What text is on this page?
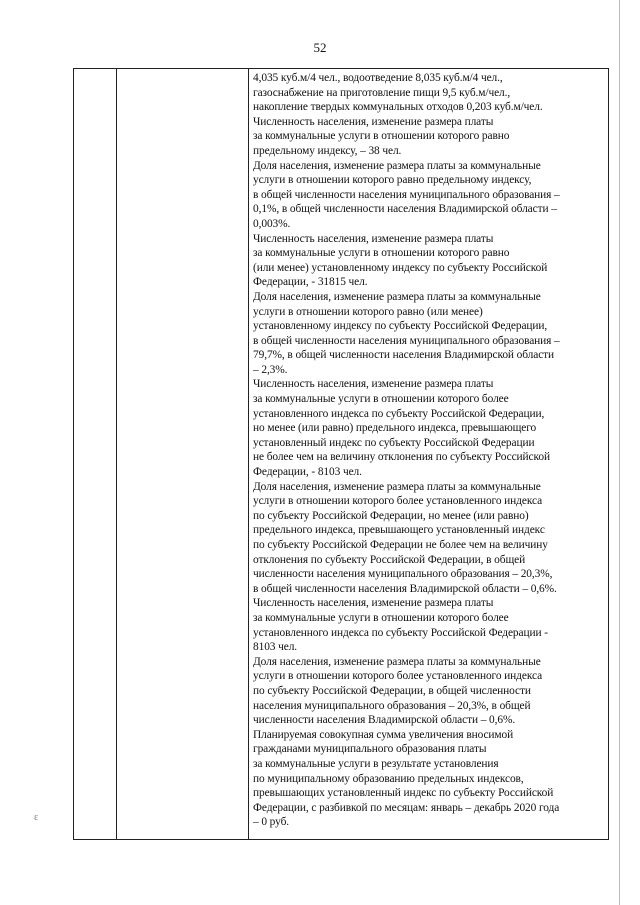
52
ε
4,035 куб.м/4 чел., водоотведение 8,035 куб.м/4 чел.,
газоснабжение на приготовление пищи 9,5 куб.м/чел.,
накопление твердых коммунальных отходов 0,203 куб.м/чел.
Численность населения, изменение размера платы
за коммунальные услуги в отношении которого равно
предельному индексу, – 38 чел.
Доля населения, изменение размера платы за коммунальные
услуги в отношении которого равно предельному индексу,
в общей численности населения муниципального образования –
0,1%, в общей численности населения Владимирской области –
0,003%.
Численность населения, изменение размера платы
за коммунальные услуги в отношении которого равно
(или менее) установленному индексу по субъекту Российской
Федерации, - 31815 чел.
Доля населения, изменение размера платы за коммунальные
услуги в отношении которого равно (или менее)
установленному индексу по субъекту Российской Федерации,
в общей численности населения муниципального образования –
79,7%, в общей численности населения Владимирской области
– 2,3%.
Численность населения, изменение размера платы
за коммунальные услуги в отношении которого более
установленного индекса по субъекту Российской Федерации,
но менее (или равно) предельного индекса, превышающего
установленный индекс по субъекту Российской Федерации
не более чем на величину отклонения по субъекту Российской
Федерации, - 8103 чел.
Доля населения, изменение размера платы за коммунальные
услуги в отношении которого более установленного индекса
по субъекту Российской Федерации, но менее (или равно)
предельного индекса, превышающего установленный индекс
по субъекту Российской Федерации не более чем на величину
отклонения по субъекту Российской Федерации, в общей
численности населения муниципального образования – 20,3%,
в общей численности населения Владимирской области – 0,6%.
Численность населения, изменение размера платы
за коммунальные услуги в отношении которого более
установленного индекса по субъекту Российской Федерации -
8103 чел.
Доля населения, изменение размера платы за коммунальные
услуги в отношении которого более установленного индекса
по субъекту Российской Федерации, в общей численности
населения муниципального образования – 20,3%, в общей
численности населения Владимирской области – 0,6%.
Планируемая совокупная сумма увеличения вносимой
гражданами муниципального образования платы
за коммунальные услуги в результате установления
по муниципальному образованию предельных индексов,
превышающих установленный индекс по субъекту Российской
Федерации, с разбивкой по месяцам: январь – декабрь 2020 года
– 0 руб.
